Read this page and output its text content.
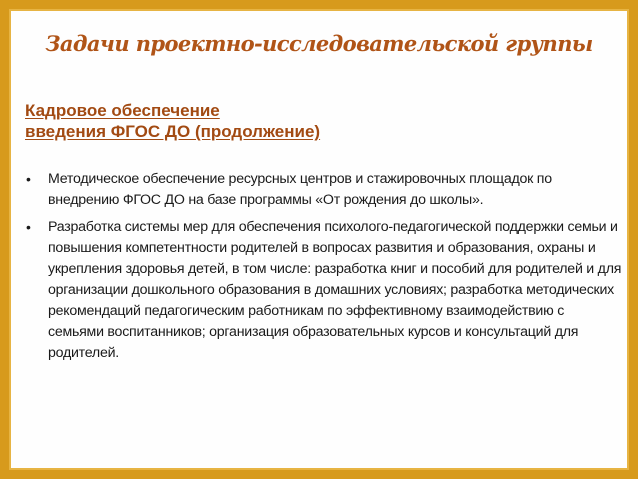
Задачи проектно-исследовательской группы
Кадровое обеспечение
введения ФГОС ДО (продолжение)
• Методическое обеспечение ресурсных центров и стажировочных площадок по внедрению ФГОС ДО на базе программы «От рождения до школы».
• Разработка системы мер для обеспечения психолого-педагогической поддержки семьи и повышения компетентности родителей в вопросах развития и образования, охраны и укрепления здоровья детей, в том числе: разработка книг и пособий для родителей и для организации дошкольного образования в домашних условиях; разработка методических рекомендаций педагогическим работникам по эффективному взаимодействию с семьями воспитанников; организация образовательных курсов и консультаций для родителей.
